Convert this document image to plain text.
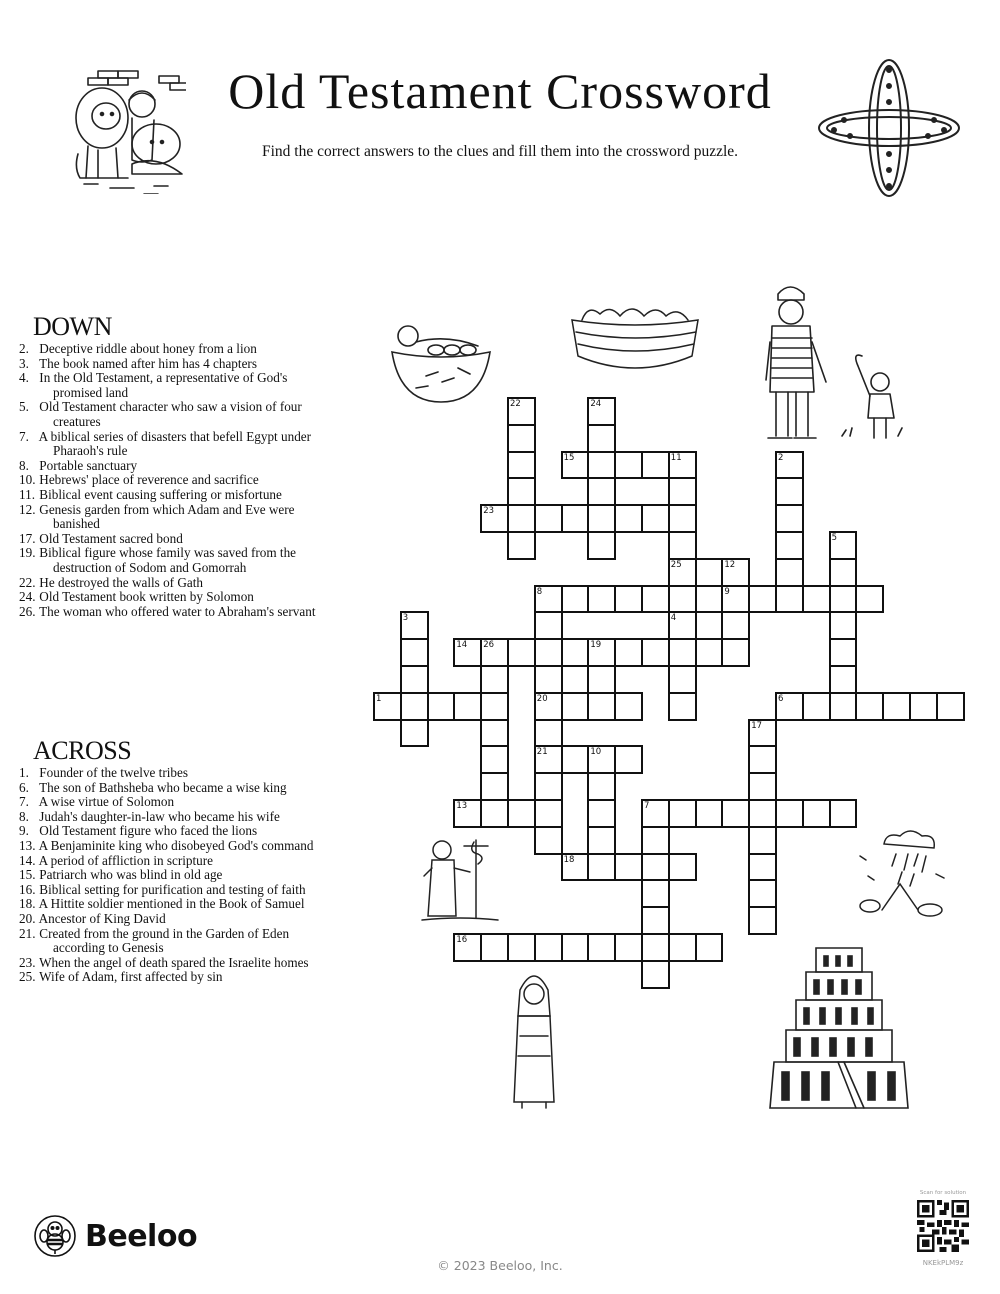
Old Testament Crossword

Find the correct answers to the clues and fill them into the crossword puzzle.

DOWN
2. Deceptive riddle about honey from a lion
3. The book named after him has 4 chapters
4. In the Old Testament, a representative of God's promised land
5. Old Testament character who saw a vision of four creatures
7. A biblical series of disasters that befell Egypt under Pharaoh's rule
8. Portable sanctuary
10. Hebrews' place of reverence and sacrifice
11. Biblical event causing suffering or misfortune
12. Genesis garden from which Adam and Eve were banished
17. Old Testament sacred bond
19. Biblical figure whose family was saved from the destruction of Sodom and Gomorrah
22. He destroyed the walls of Gath
24. Old Testament book written by Solomon
26. The woman who offered water to Abraham's servant
ACROSS
1. Founder of the twelve tribes
6. The son of Bathsheba who became a wise king
7. A wise virtue of Solomon
8. Judah's daughter-in-law who became his wife
9. Old Testament figure who faced the lions
13. A Benjaminite king who disobeyed God's command
14. A period of affliction in scripture
15. Patriarch who was blind in old age
16. Biblical setting for purification and testing of faith
18. A Hittite soldier mentioned in the Book of Samuel
20. Ancestor of King David
21. Created from the ground in the Garden of Eden according to Genesis
23. When the angel of death spared the Israelite homes
25. Wife of Adam, first affected by sin
22	24
15	11
25
2
23
5
12
9
8
20
21
3	4
14 26	19
1	6
17
10
13	7
18
16
Beeloo
© 2023 Beeloo, Inc.
Scan for solution
NKEkPLM9z
